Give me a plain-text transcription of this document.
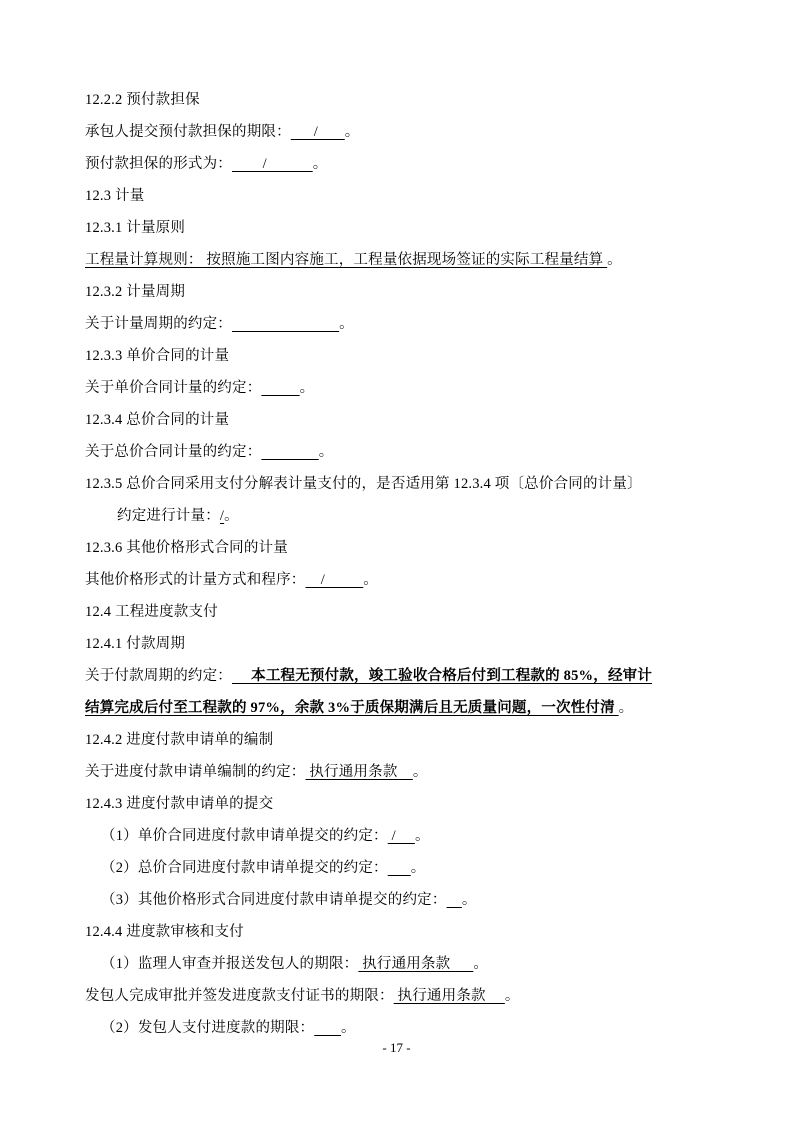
12.2.2 预付款担保
承包人提交预付款担保的期限：      /       。
预付款担保的形式为：        /            。
12.3 计量
12.3.1 计量原则
工程量计算规则： 按照施工图内容施工，工程量依据现场签证的实际工程量结算 。
12.3.2 计量周期
关于计量周期的约定：	。
12.3.3 单价合同的计量
关于单价合同计量的约定：	。
12.3.4 总价合同的计量
关于总价合同计量的约定：	。
12.3.5 总价合同采用支付分解表计量支付的，是否适用第 12.3.4 项〔总价合同的计量〕
约定进行计量：/。
12.3.6 其他价格形式合同的计量
其他价格形式的计量方式和程序：    /          。
12.4 工程进度款支付
12.4.1 付款周期
关于付款周期的约定：     本工程无预付款，竣工验收合格后付到工程款的 85%，经审计
结算完成后付至工程款的 97%，余款 3%于质保期满后且无质量问题，一次性付清 。
12.4.2 进度付款申请单的编制
关于进度付款申请单编制的约定： 执行通用条款    。
12.4.3 进度付款申请单的提交
（1）单价合同进度付款申请单提交的约定： /     。
（2）总价合同进度付款申请单提交的约定： 。
（3）其他价格形式合同进度付款申请单提交的约定： 。
12.4.4 进度款审核和支付
（1）监理人审查并报送发包人的期限： 执行通用条款      。
发包人完成审批并签发进度款支付证书的期限： 执行通用条款     。
（2）发包人支付进度款的期限： 。
- 17 -
